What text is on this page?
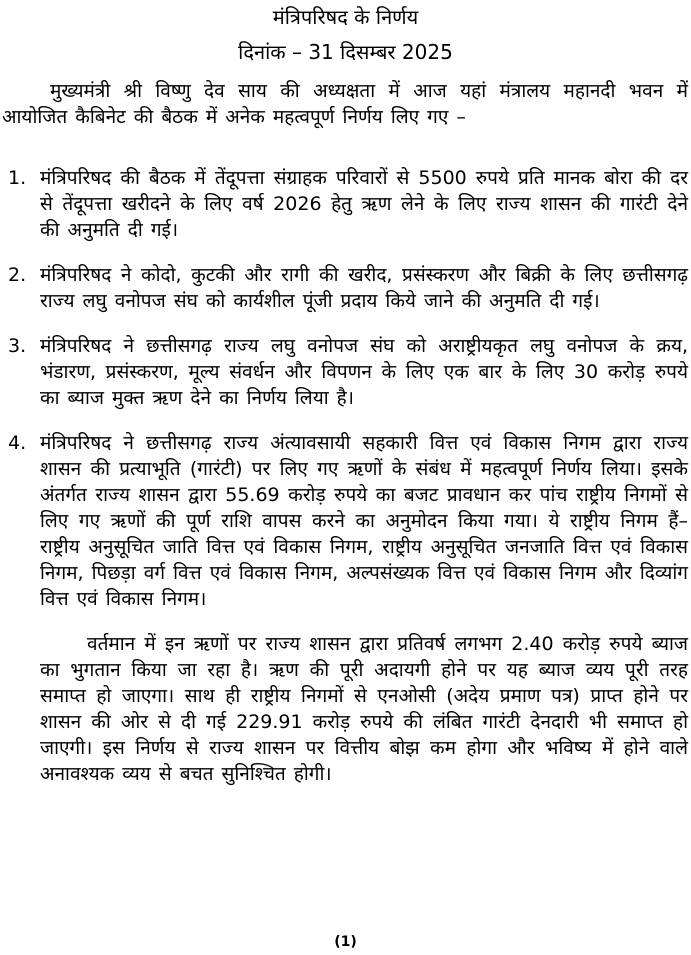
मंत्रिपरिषद के निर्णय
दिनांक – 31 दिसम्बर 2025

मुख्यमंत्री श्री विष्णु देव साय की अध्यक्षता में आज यहां मंत्रालय महानदी भवन में आयोजित कैबिनेट की बैठक में अनेक महत्वपूर्ण निर्णय लिए गए –

1. मंत्रिपरिषद की बैठक में तेंदूपत्ता संग्राहक परिवारों से 5500 रुपये प्रति मानक बोरा की दर से तेंदूपत्ता खरीदने के लिए वर्ष 2026 हेतु ऋण लेने के लिए राज्य शासन की गारंटी देने की अनुमति दी गई।
2. मंत्रिपरिषद ने कोदो, कुटकी और रागी की खरीद, प्रसंस्करण और बिक्री के लिए छत्तीसगढ़ राज्य लघु वनोपज संघ को कार्यशील पूंजी प्रदाय किये जाने की अनुमति दी गई।
3. मंत्रिपरिषद ने छत्तीसगढ़ राज्य लघु वनोपज संघ को अराष्ट्रीयकृत लघु वनोपज के क्रय, भंडारण, प्रसंस्करण, मूल्य संवर्धन और विपणन के लिए एक बार के लिए 30 करोड़ रुपये का ब्याज मुक्त ऋण देने का निर्णय लिया है।
4. मंत्रिपरिषद ने छत्तीसगढ़ राज्य अंत्यावसायी सहकारी वित्त एवं विकास निगम द्वारा राज्य शासन की प्रत्याभूति (गारंटी) पर लिए गए ऋणों के संबंध में महत्वपूर्ण निर्णय लिया। इसके अंतर्गत राज्य शासन द्वारा 55.69 करोड़ रुपये का बजट प्रावधान कर पांच राष्ट्रीय निगमों से लिए गए ऋणों की पूर्ण राशि वापस करने का अनुमोदन किया गया। ये राष्ट्रीय निगम हैं– राष्ट्रीय अनुसूचित जाति वित्त एवं विकास निगम, राष्ट्रीय अनुसूचित जनजाति वित्त एवं विकास निगम, पिछड़ा वर्ग वित्त एवं विकास निगम, अल्पसंख्यक वित्त एवं विकास निगम और दिव्यांग वित्त एवं विकास निगम।

वर्तमान में इन ऋणों पर राज्य शासन द्वारा प्रतिवर्ष लगभग 2.40 करोड़ रुपये ब्याज का भुगतान किया जा रहा है। ऋण की पूरी अदायगी होने पर यह ब्याज व्यय पूरी तरह समाप्त हो जाएगा। साथ ही राष्ट्रीय निगमों से एनओसी (अदेय प्रमाण पत्र) प्राप्त होने पर शासन की ओर से दी गई 229.91 करोड़ रुपये की लंबित गारंटी देनदारी भी समाप्त हो जाएगी। इस निर्णय से राज्य शासन पर वित्तीय बोझ कम होगा और भविष्य में होने वाले अनावश्यक व्यय से बचत सुनिश्चित होगी।

(1)
